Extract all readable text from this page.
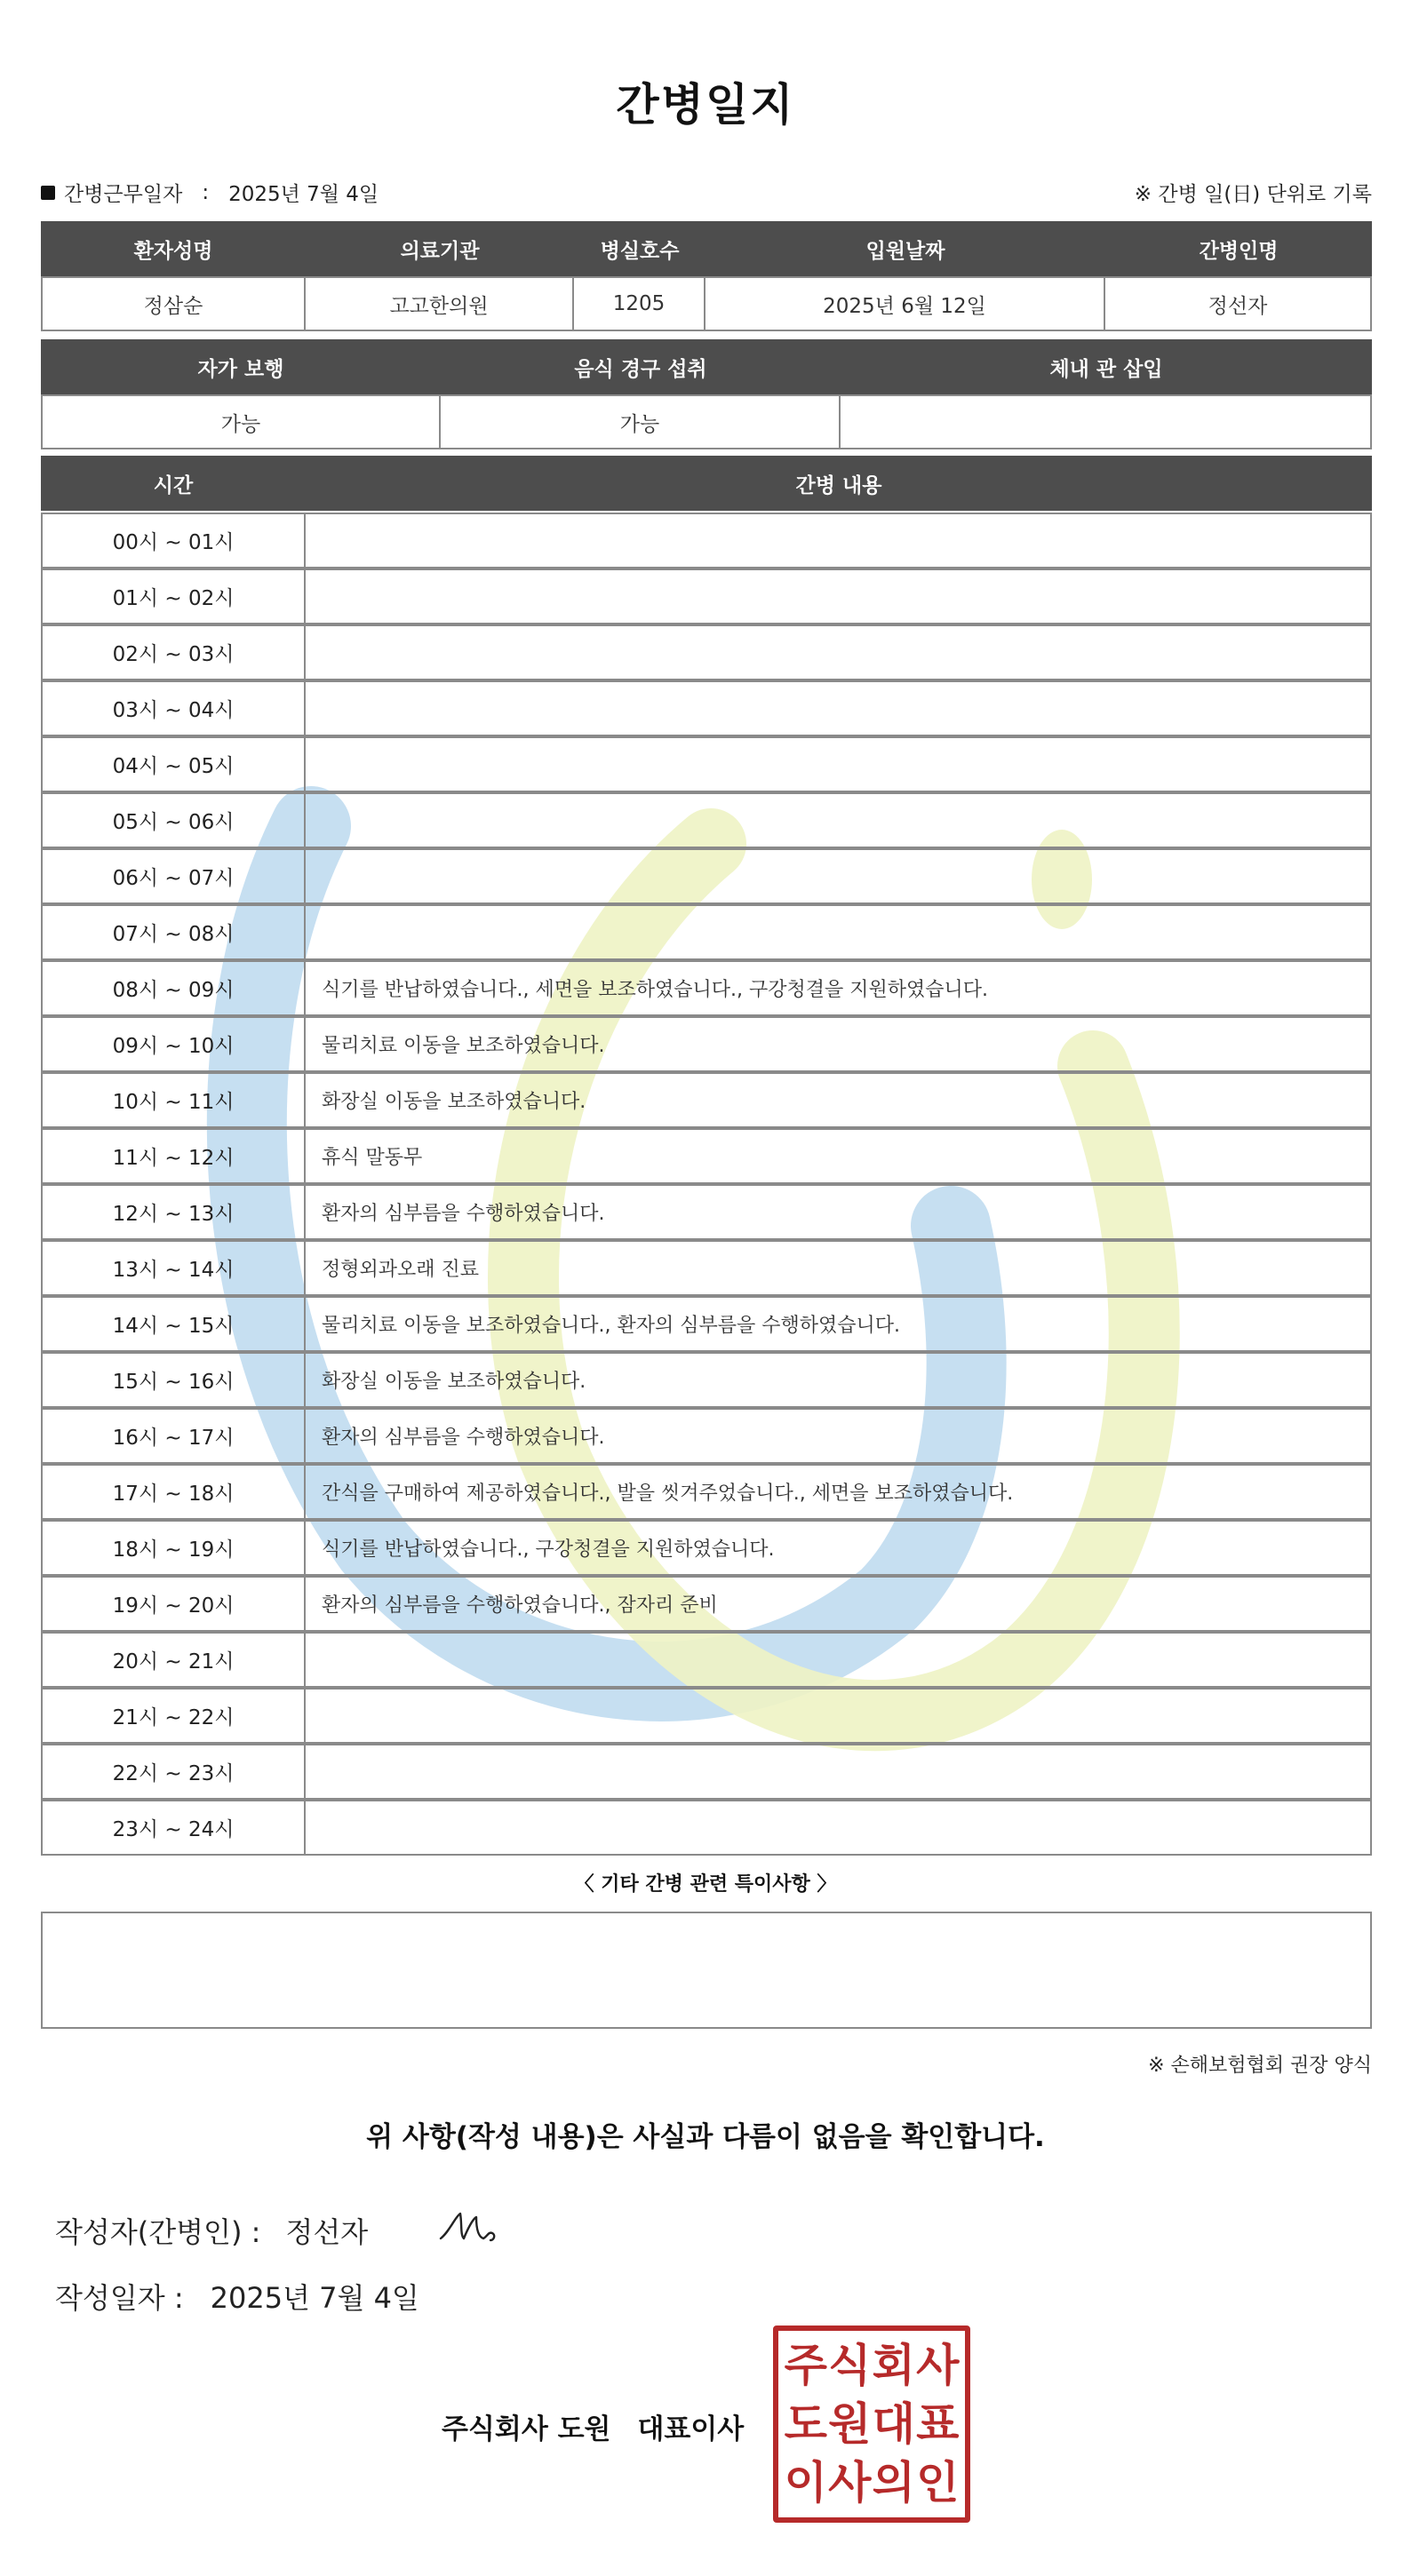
간병일지
간병근무일자 : 2025년 7월 4일	※ 간병 일(日) 단위로 기록
환자성명	의료기관	병실호수	입원날짜	간병인명
정삼순	고고한의원	1205	2025년 6월 12일	정선자
자가 보행	음식 경구 섭취	체내 관 삽입
가능	가능
시간	간병 내용
00시 ~ 01시
01시 ~ 02시
02시 ~ 03시
03시 ~ 04시
04시 ~ 05시
05시 ~ 06시
06시 ~ 07시
07시 ~ 08시
08시 ~ 09시	식기를 반납하였습니다., 세면을 보조하였습니다., 구강청결을 지원하였습니다.
09시 ~ 10시	물리치료 이동을 보조하였습니다.
10시 ~ 11시	화장실 이동을 보조하였습니다.
11시 ~ 12시	휴식 말동무
12시 ~ 13시	환자의 심부름을 수행하였습니다.
13시 ~ 14시	정형외과오래 진료
14시 ~ 15시	물리치료 이동을 보조하였습니다., 환자의 심부름을 수행하였습니다.
15시 ~ 16시	화장실 이동을 보조하였습니다.
16시 ~ 17시	환자의 심부름을 수행하였습니다.
17시 ~ 18시	간식을 구매하여 제공하였습니다., 발을 씻겨주었습니다., 세면을 보조하였습니다.
18시 ~ 19시	식기를 반납하였습니다., 구강청결을 지원하였습니다.
19시 ~ 20시	환자의 심부름을 수행하였습니다., 잠자리 준비
20시 ~ 21시
21시 ~ 22시
22시 ~ 23시
23시 ~ 24시
〈 기타 간병 관련 특이사항 〉
※ 손해보험협회 권장 양식
위 사항(작성 내용)은 사실과 다름이 없음을 확인합니다.
작성자(간병인) : 정선자
작성일자 : 2025년 7월 4일
주식회사 도원 대표이사
주 식 회 사
도 원 대 표
이 사 의 인
